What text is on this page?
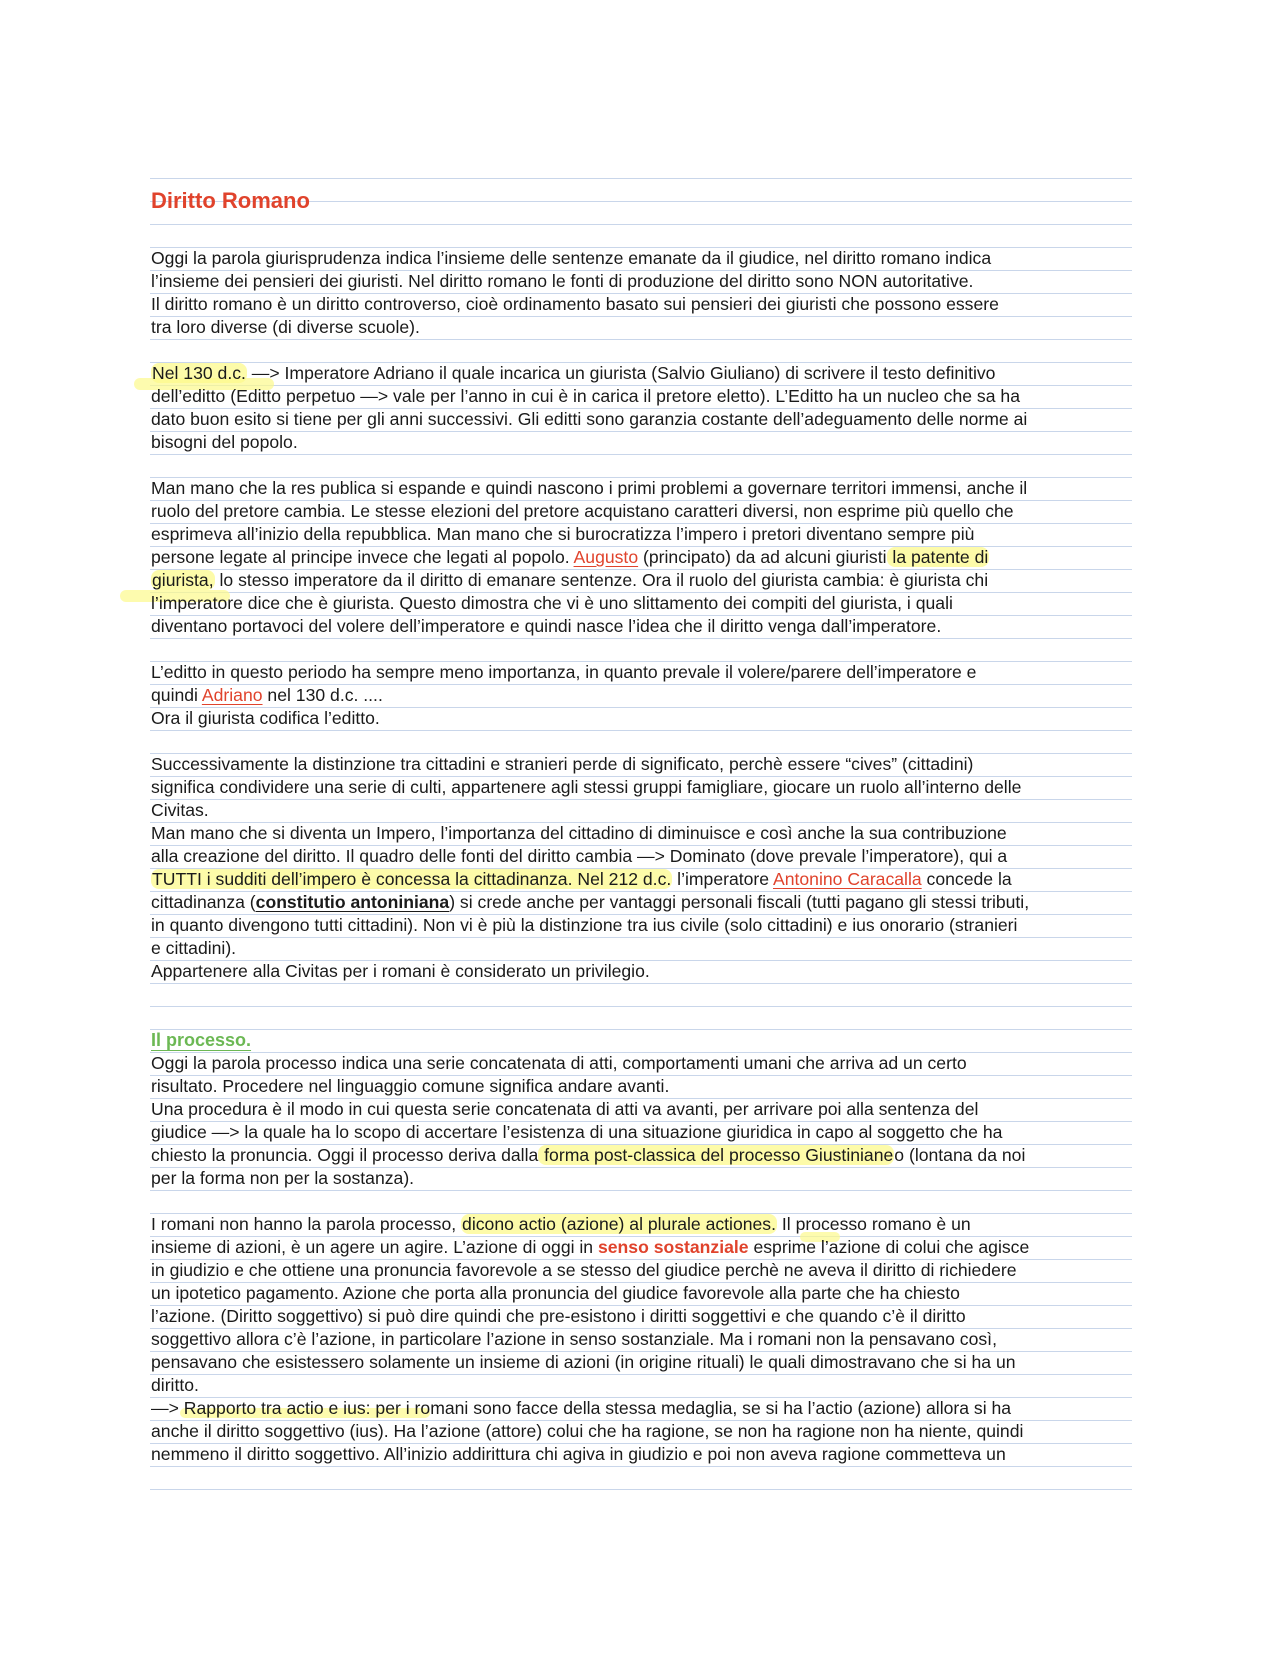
Diritto Romano

Oggi la parola giurisprudenza indica l’insieme delle sentenze emanate da il giudice, nel diritto romano indica
l’insieme dei pensieri dei giuristi. Nel diritto romano le fonti di produzione del diritto sono NON autoritative.
Il diritto romano è un diritto controverso, cioè ordinamento basato sui pensieri dei giuristi che possono essere
tra loro diverse (di diverse scuole).

Nel 130 d.c. —> Imperatore Adriano il quale incarica un giurista (Salvio Giuliano) di scrivere il testo definitivo
dell’editto (Editto perpetuo —> vale per l’anno in cui è in carica il pretore eletto). L’Editto ha un nucleo che sa ha
dato buon esito si tiene per gli anni successivi. Gli editti sono garanzia costante dell’adeguamento delle norme ai
bisogni del popolo.

Man mano che la res publica si espande e quindi nascono i primi problemi a governare territori immensi, anche il
ruolo del pretore cambia. Le stesse elezioni del pretore acquistano caratteri diversi, non esprime più quello che
esprimeva all’inizio della repubblica. Man mano che si burocratizza l’impero i pretori diventano sempre più
persone legate al principe invece che legati al popolo. Augusto (principato) da ad alcuni giuristi la patente di
giurista, lo stesso imperatore da il diritto di emanare sentenze. Ora il ruolo del giurista cambia: è giurista chi
l’imperatore dice che è giurista. Questo dimostra che vi è uno slittamento dei compiti del giurista, i quali
diventano portavoci del volere dell’imperatore e quindi nasce l’idea che il diritto venga dall’imperatore.

L’editto in questo periodo ha sempre meno importanza, in quanto prevale il volere/parere dell’imperatore e
quindi Adriano nel 130 d.c. ....
Ora il giurista codifica l’editto.

Successivamente la distinzione tra cittadini e stranieri perde di significato, perchè essere “cives” (cittadini)
significa condividere una serie di culti, appartenere agli stessi gruppi famigliare, giocare un ruolo all’interno delle
Civitas.
Man mano che si diventa un Impero, l’importanza del cittadino di diminuisce e così anche la sua contribuzione
alla creazione del diritto. Il quadro delle fonti del diritto cambia —> Dominato (dove prevale l’imperatore), qui a
TUTTI i sudditi dell’impero è concessa la cittadinanza. Nel 212 d.c. l’imperatore Antonino Caracalla concede la
cittadinanza (constitutio antoniniana) si crede anche per vantaggi personali fiscali (tutti pagano gli stessi tributi,
in quanto divengono tutti cittadini). Non vi è più la distinzione tra ius civile (solo cittadini) e ius onorario (stranieri
e cittadini).
Appartenere alla Civitas per i romani è considerato un privilegio.

Il processo.

Oggi la parola processo indica una serie concatenata di atti, comportamenti umani che arriva ad un certo
risultato. Procedere nel linguaggio comune significa andare avanti.
Una procedura è il modo in cui questa serie concatenata di atti va avanti, per arrivare poi alla sentenza del
giudice —> la quale ha lo scopo di accertare l’esistenza di una situazione giuridica in capo al soggetto che ha
chiesto la pronuncia. Oggi il processo deriva dalla forma post-classica del processo Giustinianeo (lontana da noi
per la forma non per la sostanza).

I romani non hanno la parola processo, dicono actio (azione) al plurale actiones. Il processo romano è un
insieme di azioni, è un agere un agire. L’azione di oggi in senso sostanziale esprime l’azione di colui che agisce
in giudizio e che ottiene una pronuncia favorevole a se stesso del giudice perchè ne aveva il diritto di richiedere
un ipotetico pagamento. Azione che porta alla pronuncia del giudice favorevole alla parte che ha chiesto
l’azione. (Diritto soggettivo) si può dire quindi che pre-esistono i diritti soggettivi e che quando c’è il diritto
soggettivo allora c’è l’azione, in particolare l’azione in senso sostanziale. Ma i romani non la pensavano così,
pensavano che esistessero solamente un insieme di azioni (in origine rituali) le quali dimostravano che si ha un
diritto.
—> Rapporto tra actio e ius: per i romani sono facce della stessa medaglia, se si ha l’actio (azione) allora si ha
anche il diritto soggettivo (ius). Ha l’azione (attore) colui che ha ragione, se non ha ragione non ha niente, quindi
nemmeno il diritto soggettivo. All’inizio addirittura chi agiva in giudizio e poi non aveva ragione commetteva un
